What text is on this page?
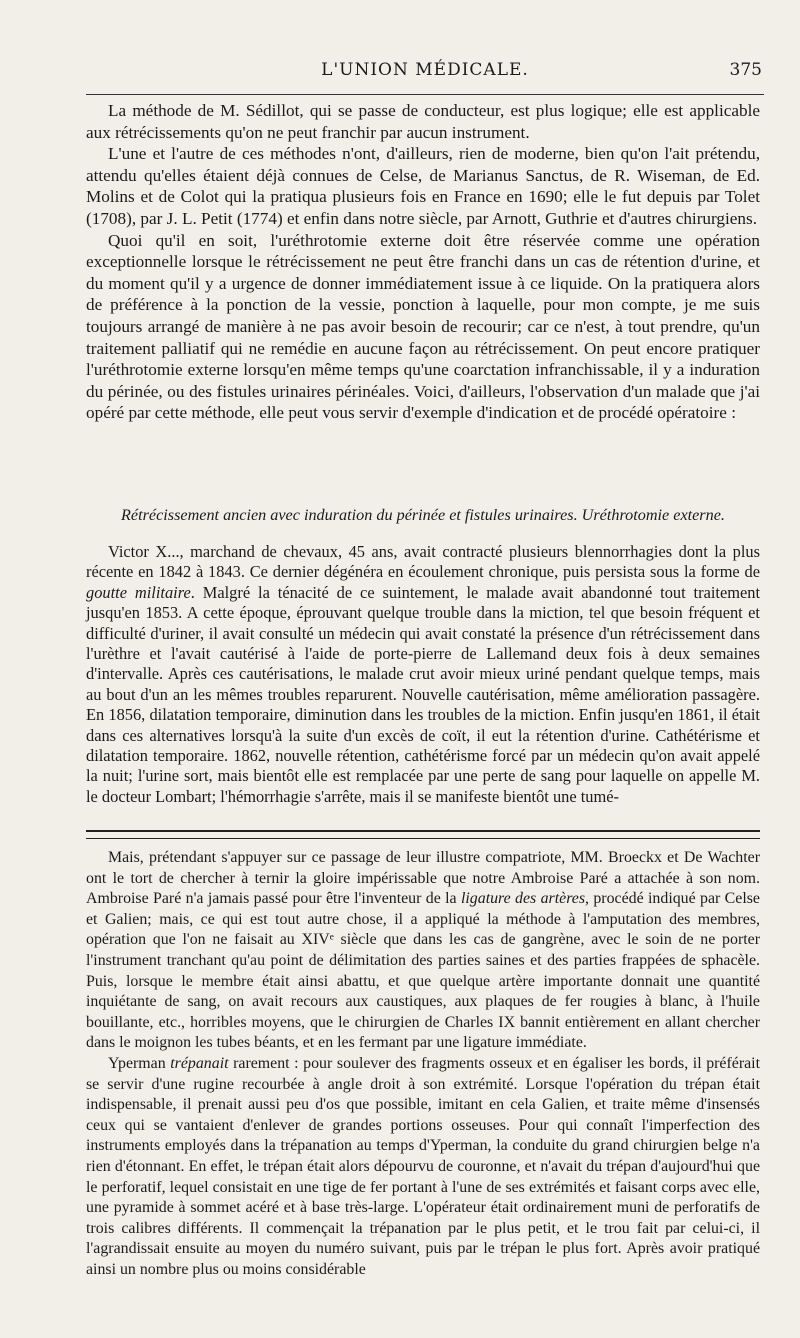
L'UNION MÉDICALE.	375

La méthode de M. Sédillot, qui se passe de conducteur, est plus logique; elle est applicable aux rétrécissements qu'on ne peut franchir par aucun instrument.

L'une et l'autre de ces méthodes n'ont, d'ailleurs, rien de moderne, bien qu'on l'ait prétendu, attendu qu'elles étaient déjà connues de Celse, de Marianus Sanctus, de R. Wiseman, de Ed. Molins et de Colot qui la pratiqua plusieurs fois en France en 1690; elle le fut depuis par Tolet (1708), par J. L. Petit (1774) et enfin dans notre siècle, par Arnott, Guthrie et d'autres chirurgiens.

Quoi qu'il en soit, l'uréthrotomie externe doit être réservée comme une opération exceptionnelle lorsque le rétrécissement ne peut être franchi dans un cas de rétention d'urine, et du moment qu'il y a urgence de donner immédiatement issue à ce liquide. On la pratiquera alors de préférence à la ponction de la vessie, ponction à laquelle, pour mon compte, je me suis toujours arrangé de manière à ne pas avoir besoin de recourir; car ce n'est, à tout prendre, qu'un traitement palliatif qui ne remédie en aucune façon au rétrécissement. On peut encore pratiquer l'uréthrotomie externe lorsqu'en même temps qu'une coarctation infranchissable, il y a induration du périnée, ou des fistules urinaires périnéales. Voici, d'ailleurs, l'observation d'un malade que j'ai opéré par cette méthode, elle peut vous servir d'exemple d'indication et de procédé opératoire :

Rétrécissement ancien avec induration du périnée et fistules urinaires. Uréthrotomie externe.

Victor X..., marchand de chevaux, 45 ans, avait contracté plusieurs blennorrhagies dont la plus récente en 1842 à 1843. Ce dernier dégénéra en écoulement chronique, puis persista sous la forme de goutte militaire. Malgré la ténacité de ce suintement, le malade avait abandonné tout traitement jusqu'en 1853. A cette époque, éprouvant quelque trouble dans la miction, tel que besoin fréquent et difficulté d'uriner, il avait consulté un médecin qui avait constaté la présence d'un rétrécissement dans l'urèthre et l'avait cautérisé à l'aide de porte-pierre de Lallemand deux fois à deux semaines d'intervalle. Après ces cautérisations, le malade crut avoir mieux uriné pendant quelque temps, mais au bout d'un an les mêmes troubles reparurent. Nouvelle cautérisation, même amélioration passagère. En 1856, dilatation temporaire, diminution dans les troubles de la miction. Enfin jusqu'en 1861, il était dans ces alternatives lorsqu'à la suite d'un excès de coït, il eut la rétention d'urine. Cathétérisme et dilatation temporaire. 1862, nouvelle rétention, cathétérisme forcé par un médecin qu'on avait appelé la nuit; l'urine sort, mais bientôt elle est remplacée par une perte de sang pour laquelle on appelle M. le docteur Lombart; l'hémorrhagie s'arrête, mais il se manifeste bientôt une tumé-

Mais, prétendant s'appuyer sur ce passage de leur illustre compatriote, MM. Broeckx et De Wachter ont le tort de chercher à ternir la gloire impérissable que notre Ambroise Paré a attachée à son nom. Ambroise Paré n'a jamais passé pour être l'inventeur de la ligature des artères, procédé indiqué par Celse et Galien; mais, ce qui est tout autre chose, il a appliqué la méthode à l'amputation des membres, opération que l'on ne faisait au XIVᵉ siècle que dans les cas de gangrène, avec le soin de ne porter l'instrument tranchant qu'au point de délimitation des parties saines et des parties frappées de sphacèle. Puis, lorsque le membre était ainsi abattu, et que quelque artère importante donnait une quantité inquiétante de sang, on avait recours aux caustiques, aux plaques de fer rougies à blanc, à l'huile bouillante, etc., horribles moyens, que le chirurgien de Charles IX bannit entièrement en allant chercher dans le moignon les tubes béants, et en les fermant par une ligature immédiate.

Yperman trépanait rarement : pour soulever des fragments osseux et en égaliser les bords, il préférait se servir d'une rugine recourbée à angle droit à son extrémité. Lorsque l'opération du trépan était indispensable, il prenait aussi peu d'os que possible, imitant en cela Galien, et traite même d'insensés ceux qui se vantaient d'enlever de grandes portions osseuses. Pour qui connaît l'imperfection des instruments employés dans la trépanation au temps d'Yperman, la conduite du grand chirurgien belge n'a rien d'étonnant. En effet, le trépan était alors dépourvu de couronne, et n'avait du trépan d'aujourd'hui que le perforatif, lequel consistait en une tige de fer portant à l'une de ses extrémités et faisant corps avec elle, une pyramide à sommet acéré et à base très-large. L'opérateur était ordinairement muni de perforatifs de trois calibres différents. Il commençait la trépanation par le plus petit, et le trou fait par celui-ci, il l'agrandissait ensuite au moyen du numéro suivant, puis par le trépan le plus fort. Après avoir pratiqué ainsi un nombre plus ou moins considérable
